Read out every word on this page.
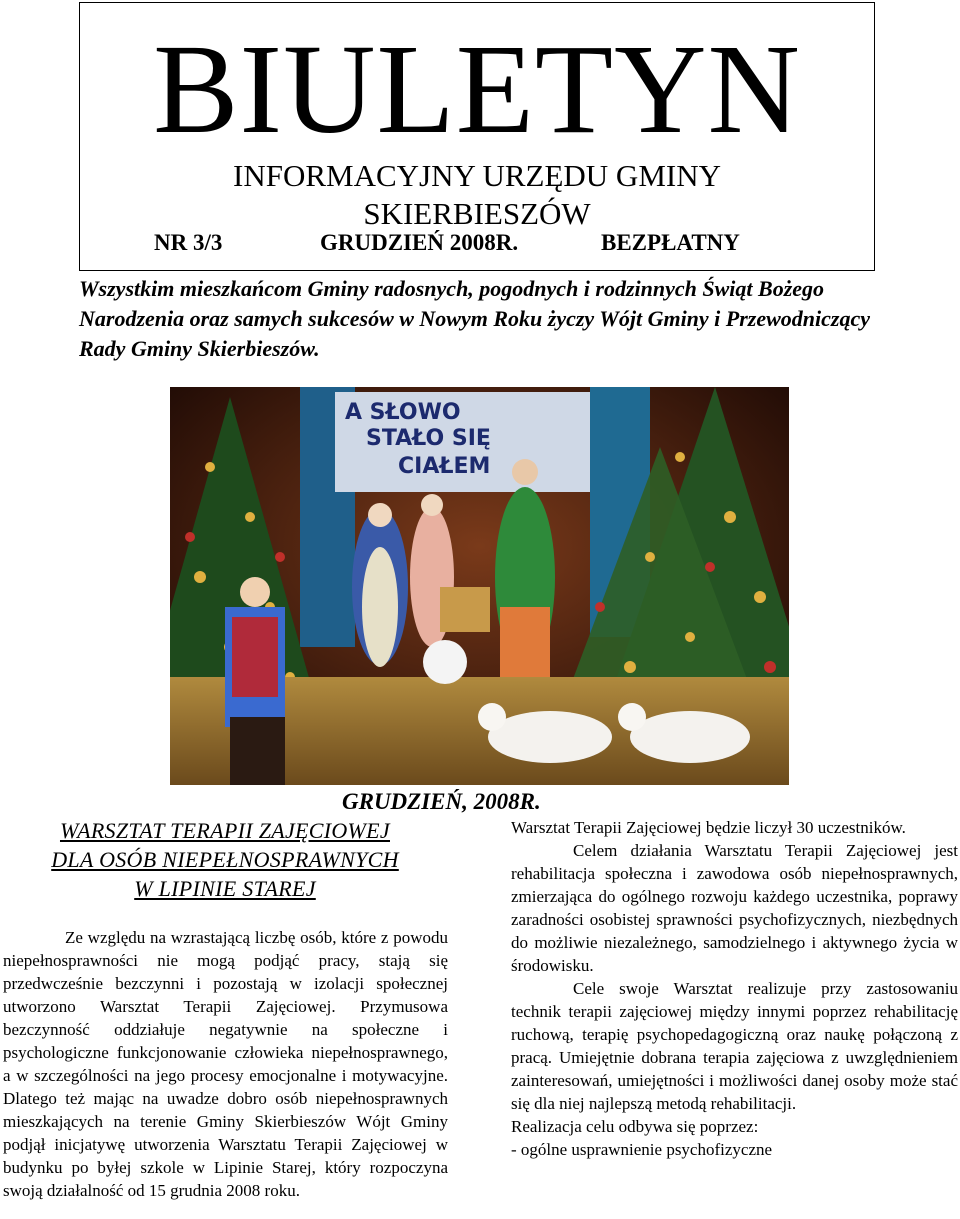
BIULETYN
INFORMACYJNY URZĘDU GMINY
SKIERBIESZÓW
NR 3/3	GRUDZIEŃ 2008R.	BEZPŁATNY
Wszystkim mieszkańcom Gminy radosnych, pogodnych i rodzinnych Świąt Bożego Narodzenia oraz samych sukcesów w Nowym Roku życzy Wójt Gminy i Przewodniczący Rady Gminy Skierbieszów.
A SŁOWO
STAŁO SIĘ
CIAŁEM
GRUDZIEŃ, 2008R.
WARSZTAT TERAPII ZAJĘCIOWEJ
DLA OSÓB NIEPEŁNOSPRAWNYCH
W LIPINIE STAREJ

Ze względu na wzrastającą liczbę osób, które z powodu niepełnosprawności nie mogą podjąć pracy, stają się przedwcześnie bezczynni i pozostają w izolacji społecznej utworzono Warsztat Terapii Zajęciowej. Przymusowa bezczynność oddziałuje negatywnie na społeczne i psychologiczne funkcjonowanie człowieka niepełnosprawnego, a w szczególności na jego procesy emocjonalne i motywacyjne. Dlatego też mając na uwadze dobro osób niepełnosprawnych mieszkających na terenie Gminy Skierbieszów Wójt Gminy podjął inicjatywę utworzenia Warsztatu Terapii Zajęciowej w budynku po byłej szkole w Lipinie Starej, który rozpoczyna swoją działalność od 15 grudnia 2008 roku.

Warsztat Terapii Zajęciowej będzie liczył 30 uczestników.

Celem działania Warsztatu Terapii Zajęciowej jest rehabilitacja społeczna i zawodowa osób niepełnosprawnych, zmierzająca do ogólnego rozwoju każdego uczestnika, poprawy zaradności osobistej sprawności psychofizycznych, niezbędnych do możliwie niezależnego, samodzielnego i aktywnego życia w środowisku.

Cele swoje Warsztat realizuje przy zastosowaniu technik terapii zajęciowej między innymi poprzez rehabilitację ruchową, terapię psychopedagogiczną oraz naukę połączoną z pracą. Umiejętnie dobrana terapia zajęciowa z uwzględnieniem zainteresowań, umiejętności i możliwości danej osoby może stać się dla niej najlepszą metodą rehabilitacji.

Realizacja celu odbywa się poprzez:

- ogólne usprawnienie psychofizyczne
